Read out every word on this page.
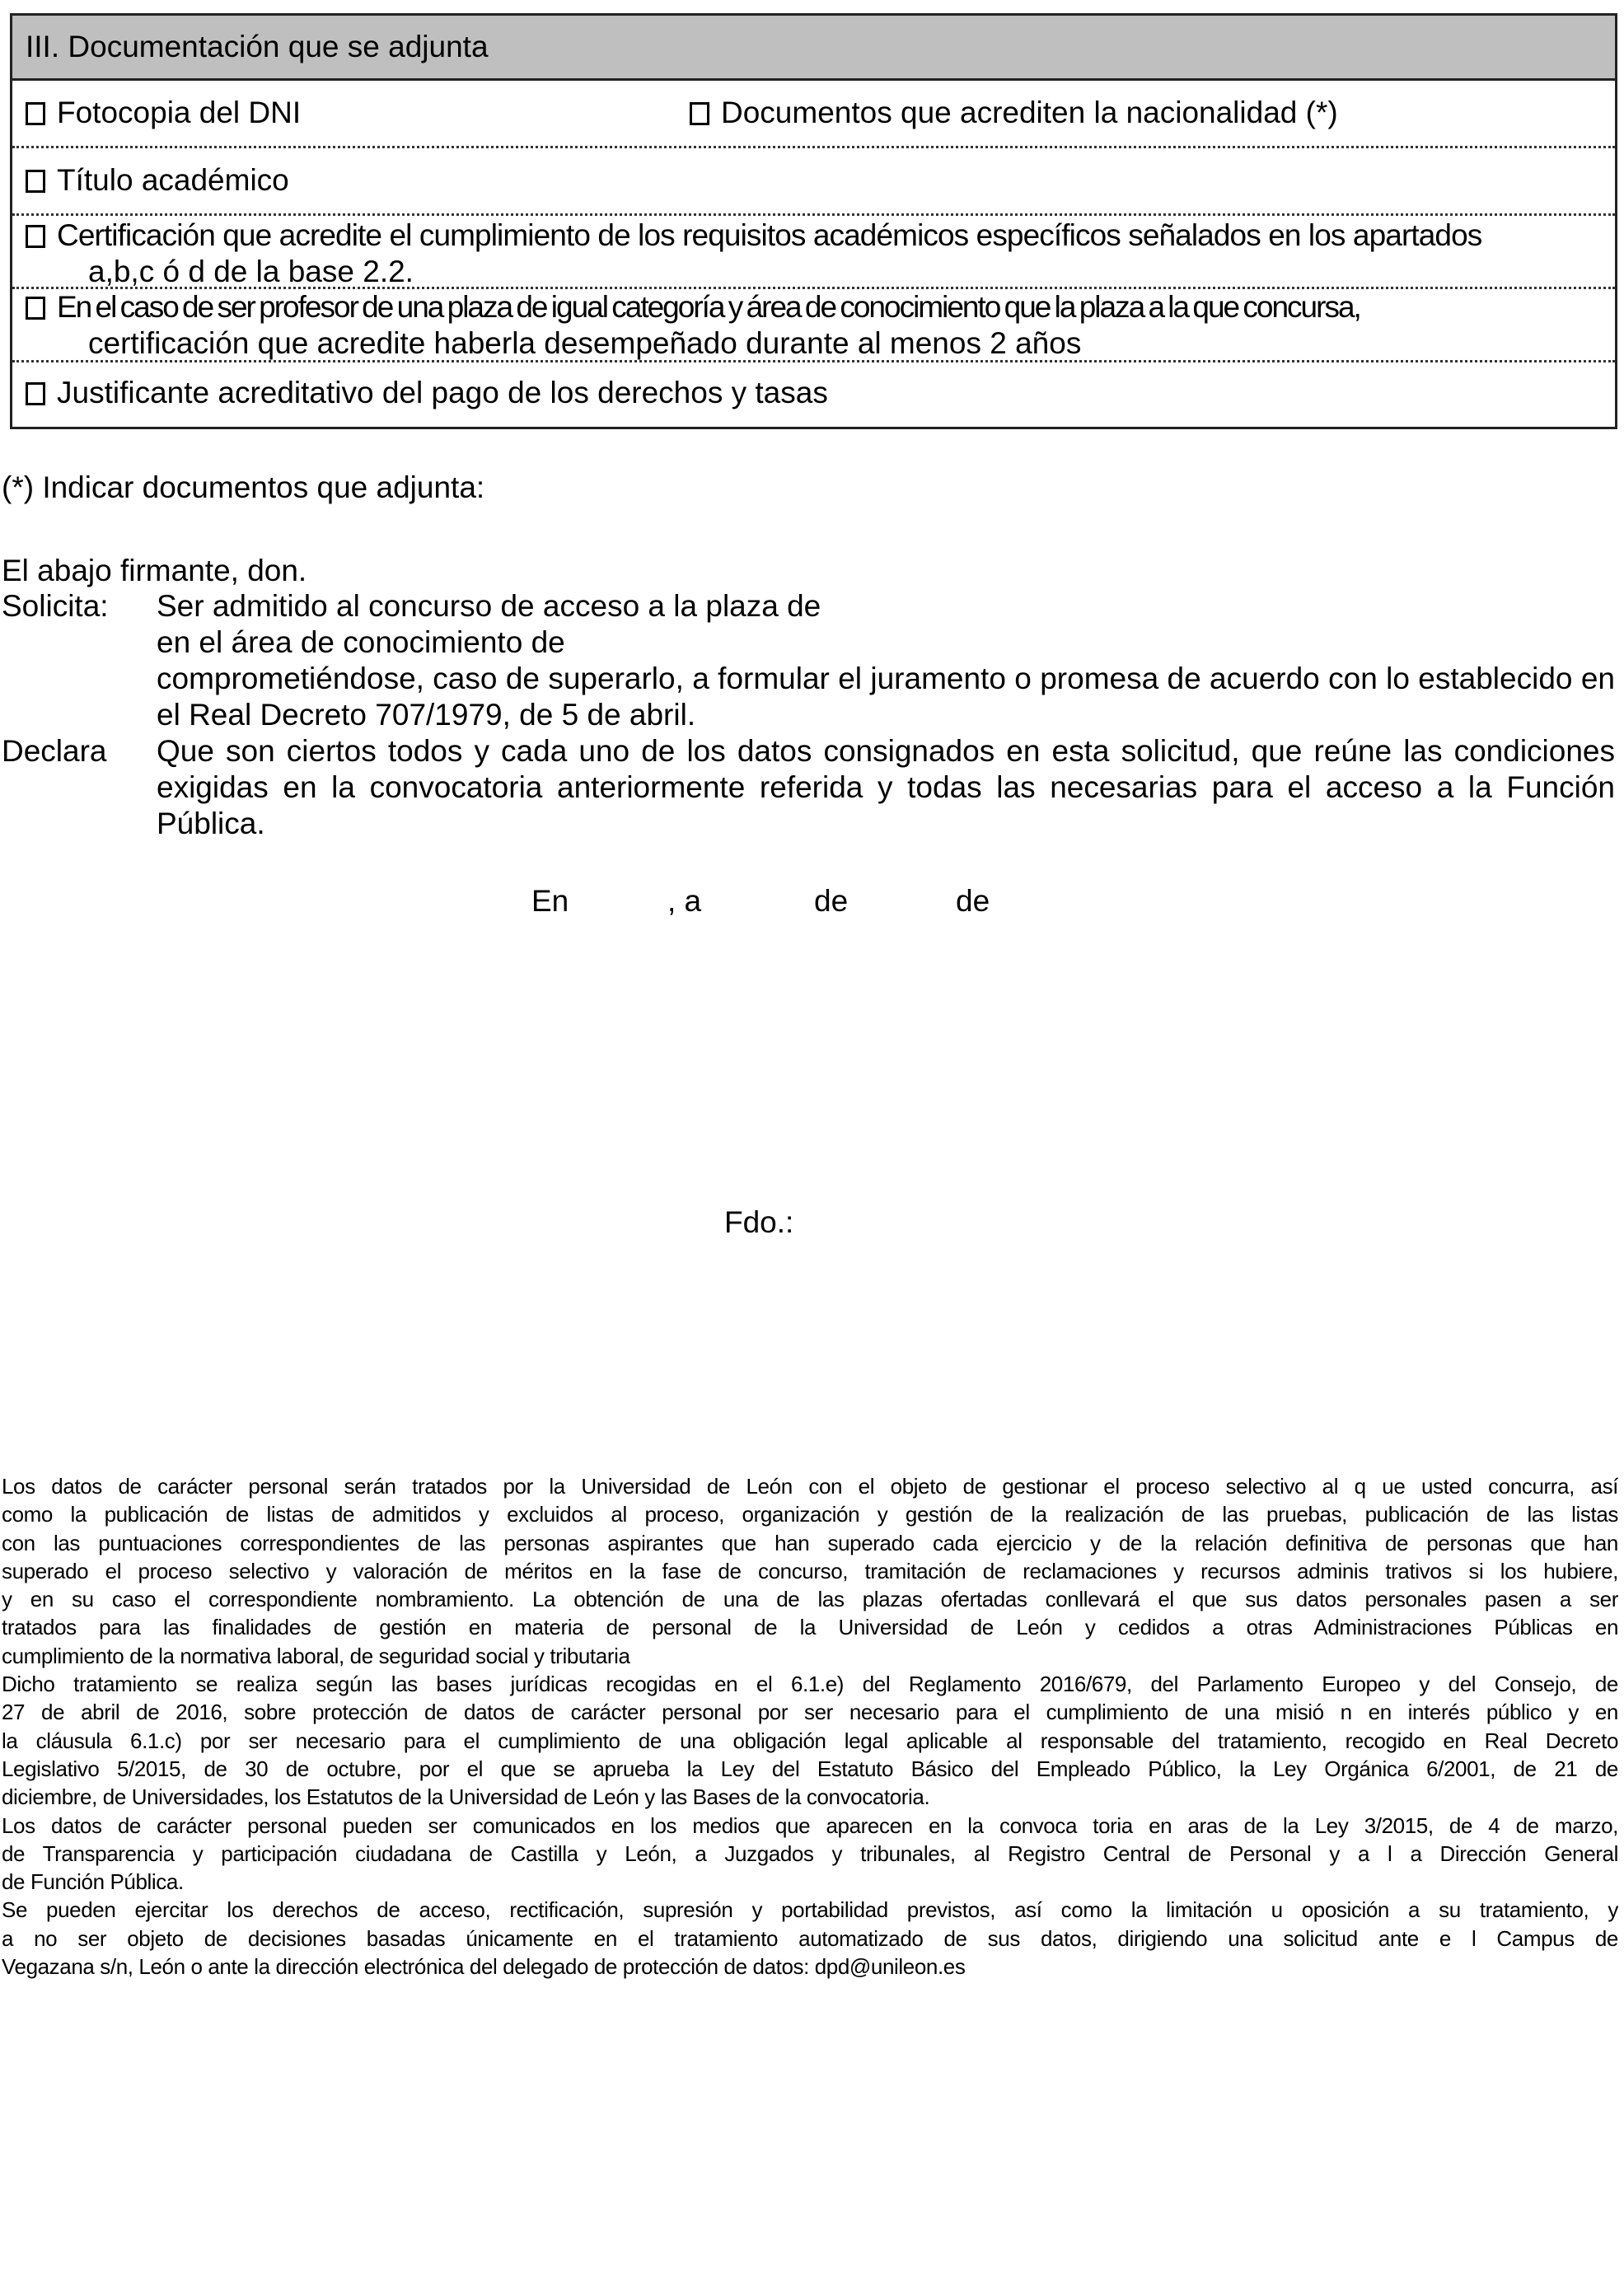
III. Documentación que se adjunta
Fotocopia del DNI	Documentos que acrediten la nacionalidad (*)
Título académico
Certificación que acredite el cumplimiento de los requisitos académicos específicos señalados en los apartados
a,b,c ó d de la base 2.2.
En el caso de ser profesor de una plaza de igual categoría y área de conocimiento que la plaza a la que concursa,
certificación que acredite haberla desempeñado durante al menos 2 años
Justificante acreditativo del pago de los derechos y tasas
(*) Indicar documentos que adjunta:
El abajo firmante, don.
Solicita: Ser admitido al concurso de acceso a la plaza de
en el área de conocimiento de
comprometiéndose, caso de superarlo, a formular el juramento o promesa de acuerdo con lo establecido en el Real Decreto 707/1979, de 5 de abril.
Declara Que son ciertos todos y cada uno de los datos consignados en esta solicitud, que reúne las condiciones exigidas en la convocatoria anteriormente referida y todas las necesarias para el acceso a la Función Pública.
En	, a	de	de
Fdo.:
Los datos de carácter personal serán tratados por la Universidad de León con el objeto de gestionar el proceso selectivo al q ue usted concurra, así
como la publicación de listas de admitidos y excluidos al proceso, organización y gestión de la realización de las pruebas, publicación de las listas
con las puntuaciones correspondientes de las personas aspirantes que han superado cada ejercicio y de la relación definitiva de personas que han
superado el proceso selectivo y valoración de méritos en la fase de concurso, tramitación de reclamaciones y recursos adminis trativos si los hubiere,
y en su caso el correspondiente nombramiento. La obtención de una de las plazas ofertadas conllevará el que sus datos personales pasen a ser
tratados para las finalidades de gestión en materia de personal de la Universidad de León y cedidos a otras Administraciones Públicas en
cumplimiento de la normativa laboral, de seguridad social y tributaria
Dicho tratamiento se realiza según las bases jurídicas recogidas en el 6.1.e) del Reglamento 2016/679, del Parlamento Europeo y del Consejo, de
27 de abril de 2016, sobre protección de datos de carácter personal por ser necesario para el cumplimiento de una misió n en interés público y en
la cláusula 6.1.c) por ser necesario para el cumplimiento de una obligación legal aplicable al responsable del tratamiento, recogido en Real Decreto
Legislativo 5/2015, de 30 de octubre, por el que se aprueba la Ley del Estatuto Básico del Empleado Público, la Ley Orgánica 6/2001, de 21 de
diciembre, de Universidades, los Estatutos de la Universidad de León y las Bases de la convocatoria.
Los datos de carácter personal pueden ser comunicados en los medios que aparecen en la convoca toria en aras de la Ley 3/2015, de 4 de marzo,
de Transparencia y participación ciudadana de Castilla y León, a Juzgados y tribunales, al Registro Central de Personal y a l a Dirección General
de Función Pública.
Se pueden ejercitar los derechos de acceso, rectificación, supresión y portabilidad previstos, así como la limitación u oposición a su tratamiento, y
a no ser objeto de decisiones basadas únicamente en el tratamiento automatizado de sus datos, dirigiendo una solicitud ante e l Campus de
Vegazana s/n, León o ante la dirección electrónica del delegado de protección de datos: dpd@unileon.es
